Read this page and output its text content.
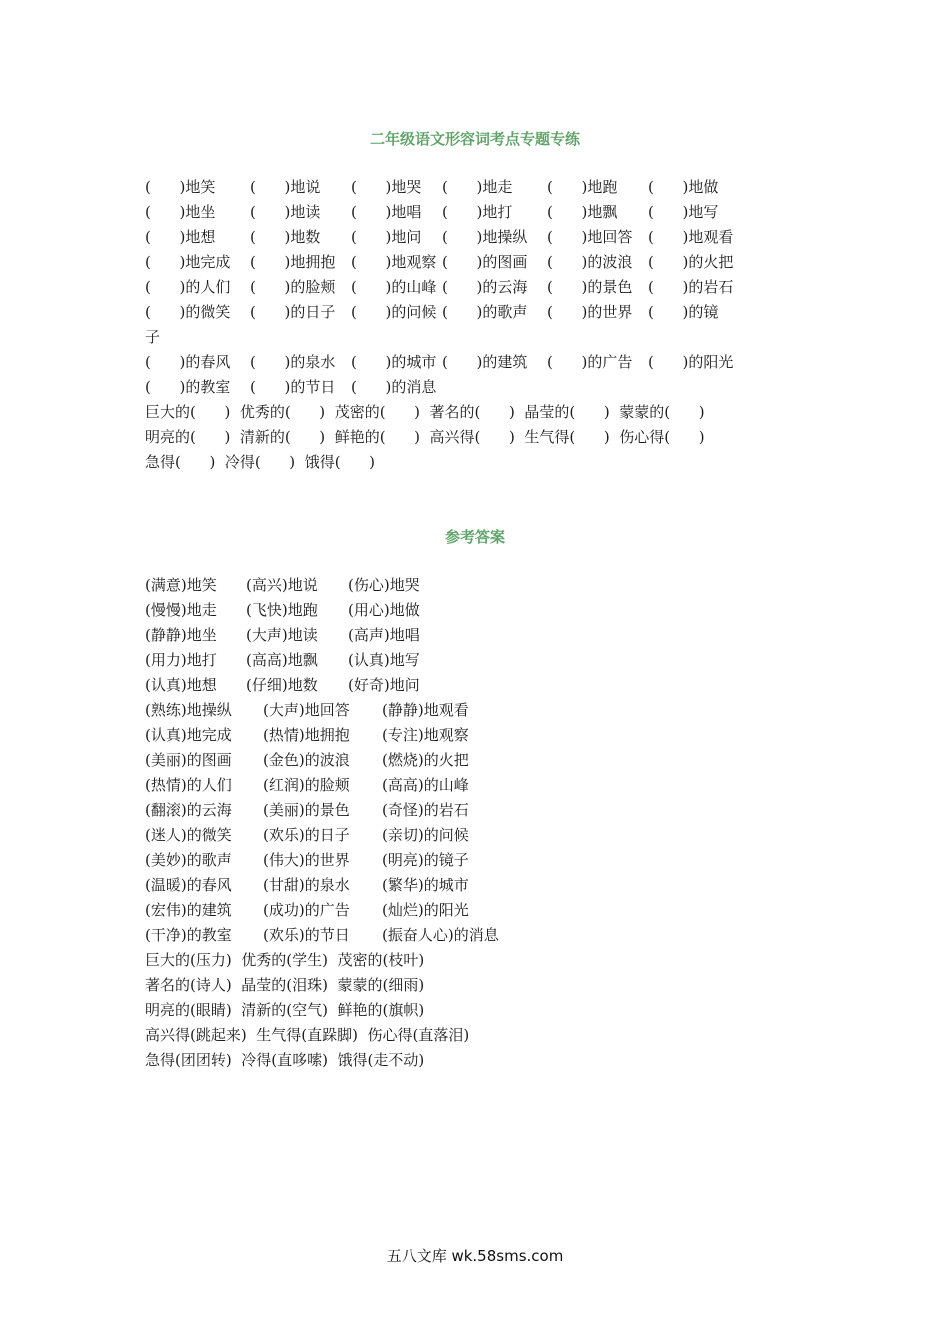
二年级语文形容词考点专题专练
(      )地笑 (      )地说 (      )地哭 (      )地走 (      )地跑 (      )地做
(      )地坐 (      )地读 (      )地唱 (      )地打 (      )地飘 (      )地写
(      )地想 (      )地数 (      )地问 (      )地操纵 (      )地回答 (      )地观看
(      )地完成 (      )地拥抱 (      )地观察 (      )的图画 (      )的波浪 (      )的火把
(      )的人们 (      )的脸颊 (      )的山峰 (      )的云海 (      )的景色 (      )的岩石
(      )的微笑 (      )的日子 (      )的问候 (      )的歌声 (      )的世界 (      )的镜
子
(      )的春风 (      )的泉水 (      )的城市 (      )的建筑 (      )的广告 (      )的阳光
(      )的教室 (      )的节日 (      )的消息
巨大的(      )  优秀的(      )  茂密的(      )  著名的(      )  晶莹的(      )  蒙蒙的(      )
明亮的(      )  清新的(      )  鲜艳的(      )  高兴得(      )  生气得(      )  伤心得(      )
急得(      )  冷得(      )  饿得(      )
参考答案
(满意)地笑 (高兴)地说 (伤心)地哭
(慢慢)地走 (飞快)地跑 (用心)地做
(静静)地坐 (大声)地读 (高声)地唱
(用力)地打 (高高)地飘 (认真)地写
(认真)地想 (仔细)地数 (好奇)地问
(熟练)地操纵 (大声)地回答 (静静)地观看
(认真)地完成 (热情)地拥抱 (专注)地观察
(美丽)的图画 (金色)的波浪 (燃烧)的火把
(热情)的人们 (红润)的脸颊 (高高)的山峰
(翻滚)的云海 (美丽)的景色 (奇怪)的岩石
(迷人)的微笑 (欢乐)的日子 (亲切)的问候
(美妙)的歌声 (伟大)的世界 (明亮)的镜子
(温暖)的春风 (甘甜)的泉水 (繁华)的城市
(宏伟)的建筑 (成功)的广告 (灿烂)的阳光
(干净)的教室 (欢乐)的节日 (振奋人心)的消息
巨大的(压力)  优秀的(学生)  茂密的(枝叶)
著名的(诗人)  晶莹的(泪珠)  蒙蒙的(细雨)
明亮的(眼睛)  清新的(空气)  鲜艳的(旗帜)
高兴得(跳起来)  生气得(直跺脚)  伤心得(直落泪)
急得(团团转)  冷得(直哆嗦)  饿得(走不动)
五八文库 wk.58sms.com
